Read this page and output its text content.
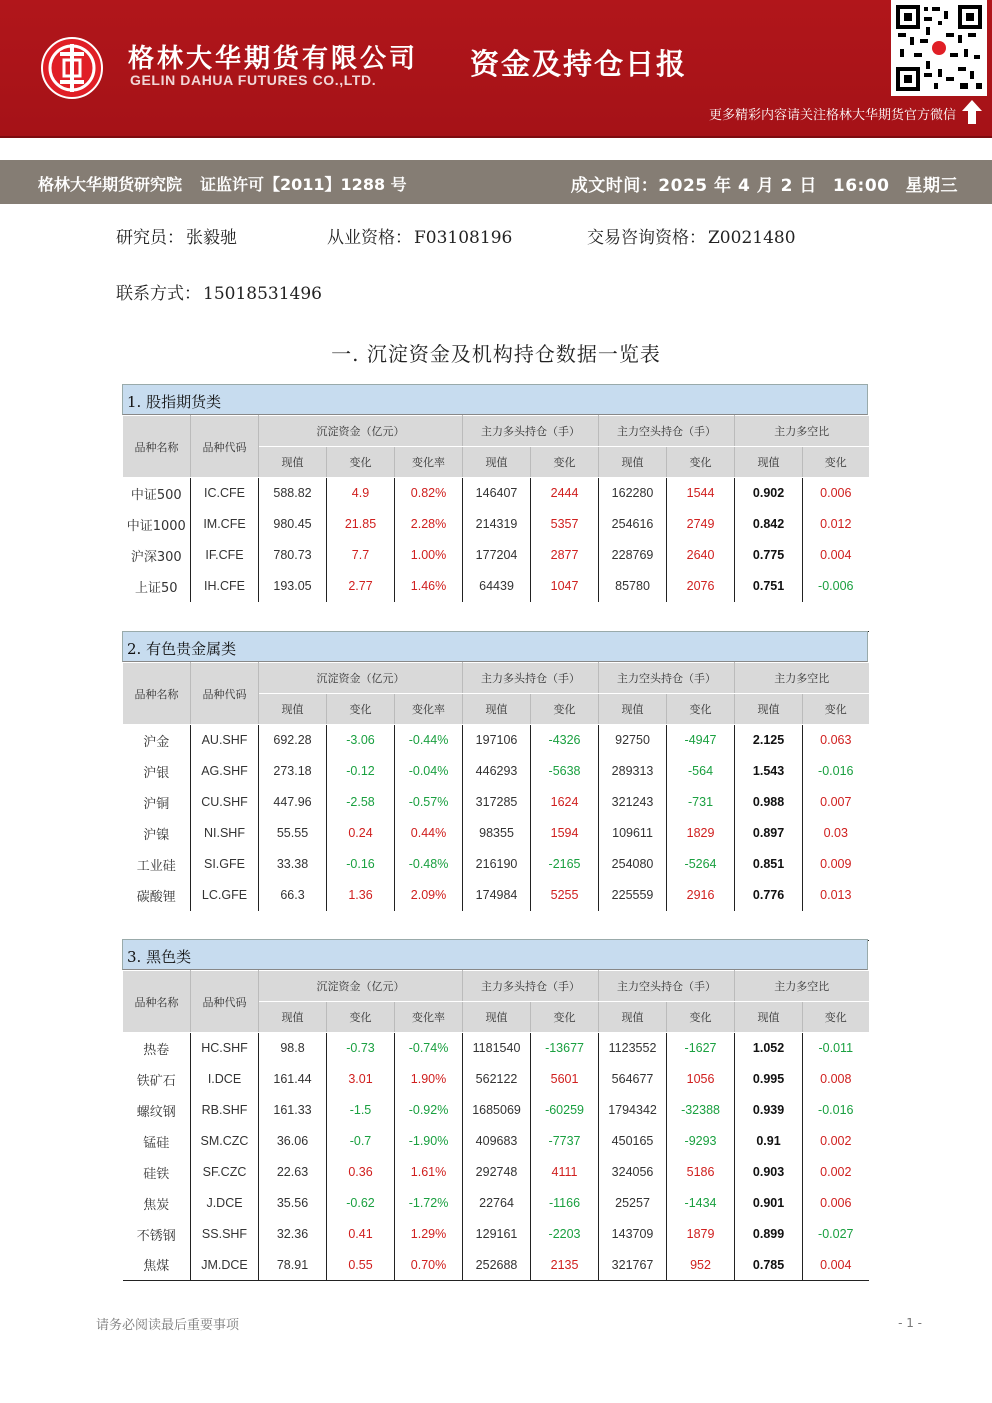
格林大华期货有限公司
GELIN DAHUA FUTURES CO.,LTD.	资金及持仓日报
更多精彩内容请关注格林大华期货官方微信
格林大华期货研究院 证监许可【2011】1288 号	成文时间：2025 年 4 月 2 日 16:00 星期三
研究员： 张毅驰	从业资格： F03108196	交易咨询资格： Z0021480
联系方式： 15018531496
一. 沉淀资金及机构持仓数据一览表
1. 股指期货类
品种名称	品种代码	沉淀资金（亿元）			主力多头持仓（手）		主力空头持仓（手）		主力多空比	
		现值	变化	变化率	现值	变化	现值	变化	现值	变化
中证500	IC.CFE	588.82	4.9	0.82%	146407	2444	162280	1544	0.902	0.006
中证1000	IM.CFE	980.45	21.85	2.28%	214319	5357	254616	2749	0.842	0.012
沪深300	IF.CFE	780.73	7.7	1.00%	177204	2877	228769	2640	0.775	0.004
上证50	IH.CFE	193.05	2.77	1.46%	64439	1047	85780	2076	0.751	-0.006

2. 有色贵金属类
品种名称	品种代码	沉淀资金（亿元）			主力多头持仓（手）		主力空头持仓（手）		主力多空比	
		现值	变化	变化率	现值	变化	现值	变化	现值	变化
沪金	AU.SHF	692.28	-3.06	-0.44%	197106	-4326	92750	-4947	2.125	0.063
沪银	AG.SHF	273.18	-0.12	-0.04%	446293	-5638	289313	-564	1.543	-0.016
沪铜	CU.SHF	447.96	-2.58	-0.57%	317285	1624	321243	-731	0.988	0.007
沪镍	NI.SHF	55.55	0.24	0.44%	98355	1594	109611	1829	0.897	0.03
工业硅	SI.GFE	33.38	-0.16	-0.48%	216190	-2165	254080	-5264	0.851	0.009
碳酸锂	LC.GFE	66.3	1.36	2.09%	174984	5255	225559	2916	0.776	0.013

3. 黑色类
品种名称	品种代码	沉淀资金（亿元）			主力多头持仓（手）		主力空头持仓（手）		主力多空比	
		现值	变化	变化率	现值	变化	现值	变化	现值	变化
热卷	HC.SHF	98.8	-0.73	-0.74%	1181540	-13677	1123552	-1627	1.052	-0.011
铁矿石	I.DCE	161.44	3.01	1.90%	562122	5601	564677	1056	0.995	0.008
螺纹钢	RB.SHF	161.33	-1.5	-0.92%	1685069	-60259	1794342	-32388	0.939	-0.016
锰硅	SM.CZC	36.06	-0.7	-1.90%	409683	-7737	450165	-9293	0.91	0.002
硅铁	SF.CZC	22.63	0.36	1.61%	292748	4111	324056	5186	0.903	0.002
焦炭	J.DCE	35.56	-0.62	-1.72%	22764	-1166	25257	-1434	0.901	0.006
不锈钢	SS.SHF	32.36	0.41	1.29%	129161	-2203	143709	1879	0.899	-0.027
焦煤	JM.DCE	78.91	0.55	0.70%	252688	2135	321767	952	0.785	0.004
请务必阅读最后重要事项	- 1 -
